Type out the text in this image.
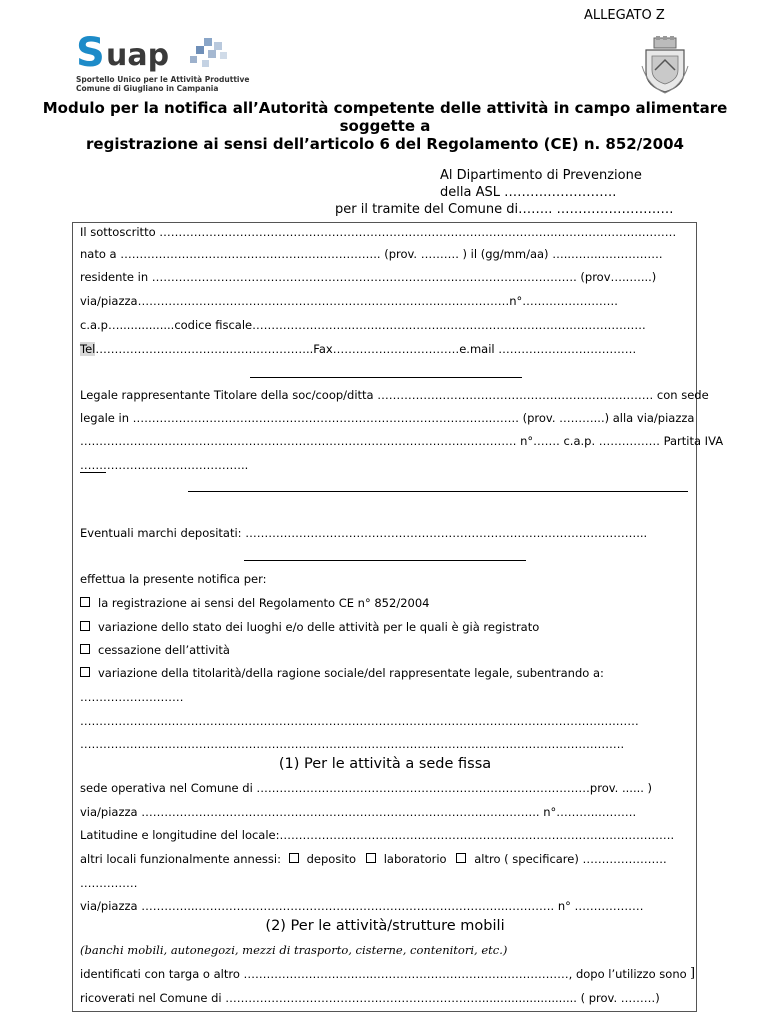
ALLEGATO Z
S uap
Sportello Unico per le Attività Produttive
Comune di Giugliano in Campania
Modulo per la notifica all’Autorità competente delle attività in campo alimentare
soggette a
registrazione ai sensi dell’articolo 6 del Regolamento (CE) n. 852/2004
Al Dipartimento di Prevenzione
della ASL ……….…………….
per il tramite del Comune di…….. ………………………
Il sottoscritto …………………………………………………………………………………………..………………….………
nato a ………………………………………………………….. (prov. ………. ) il (gg/mm/aa) …..……..…………….
residente in ……………………………………………………………………..…………………………. (prov…..…...)
via/piazza…………………………………………………………………….………………n°…………………….
c.a.p…...............codice fiscale……………………..……..……………..…………………………………………….
Tel…………………………….…………………..Fax……………………………e.mail ………………………………
Legale rappresentante Titolare della soc/coop/ditta ……………………………………………………………… con sede
legale in …………………………..……………………………………………………..……. (prov. ………...) alla via/piazza
………………………………………………………………………………………..…………. n°……. c.a.p. ……………. Partita IVA
……………………………………..
Eventuali marchi depositati: …………………………………………………………………………………………...
effettua la presente notifica per:
la registrazione ai sensi del Regolamento CE n° 852/2004
variazione dello stato dei luoghi e/o delle attività per le quali è già registrato
cessazione dell’attività
variazione della titolarità/della ragione sociale/del rappresentate legale, subentrando a:
………………………
…………………..……………………………………………………………………………………….………….….……
…………………………………………………………………………………………………………………………….
(1) Per le attività a sede fissa
sede operativa nel Comune di ……………………………………………………………………………prov. ...... )
via/piazza ………………………………………………………………………………………….. n°………..……….
Latitudine e longitudine del locale:………………………………………………………………………………………….
altri locali funzionalmente annessi: deposito laboratorio altro ( specificare) ………………….
……………
via/piazza …………...……………………………………………………………………..…………. n° ………………
(2) Per le attività/strutture mobili
(banchi mobili, autonegozi, mezzi di trasporto, cisterne, contenitori, etc.)
identificati con targa o altro …………………….….…..……………………………………………, dopo l’utilizzo sono
ricoverati nel Comune di ………………………………….……………………….......................... ( prov. ………)
]
